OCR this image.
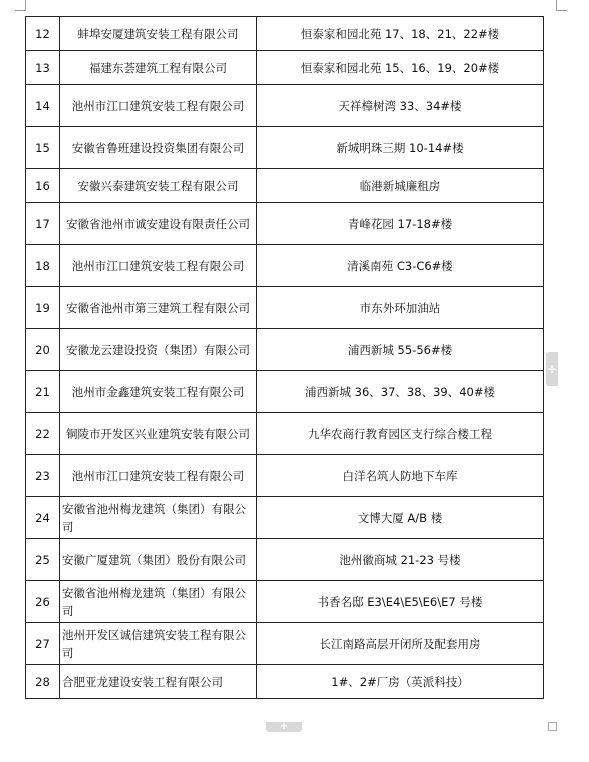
12	蚌埠安厦建筑安装工程有限公司	恒泰家和园北苑 17、18、21、22#楼
13	福建东荟建筑工程有限公司	恒泰家和园北苑 15、16、19、20#楼
14	池州市江口建筑安装工程有限公司	天祥樟树湾 33、34#楼
15	安徽省鲁班建设投资集团有限公司	新城明珠三期 10-14#楼
16	安徽兴泰建筑安装工程有限公司	临港新城廉租房
17	安徽省池州市诚安建设有限责任公司	青峰花园 17-18#楼
18	池州市江口建筑安装工程有限公司	清溪南苑 C3-C6#楼
19	安徽省池州市第三建筑工程有限公司	市东外环加油站
20	安徽龙云建设投资（集团）有限公司	浦西新城 55-56#楼
21	池州市金鑫建筑安装工程有限公司	浦西新城 36、37、38、39、40#楼
22	铜陵市开发区兴业建筑安装有限公司	九华农商行教育园区支行综合楼工程
23	池州市江口建筑安装工程有限公司	白洋名筑人防地下车库
24	安徽省池州梅龙建筑（集团）有限公司	文博大厦 A/B 楼
25	安徽广厦建筑（集团）股份有限公司	池州徽商城 21-23 号楼
26	安徽省池州梅龙建筑（集团）有限公司	书香名邸 E3\E4\E5\E6\E7 号楼
27	池州开发区诚信建筑安装工程有限公司	长江南路高层开闭所及配套用房
28	合肥亚龙建设安装工程有限公司	1#、2#厂房（英派科技）
+
+
